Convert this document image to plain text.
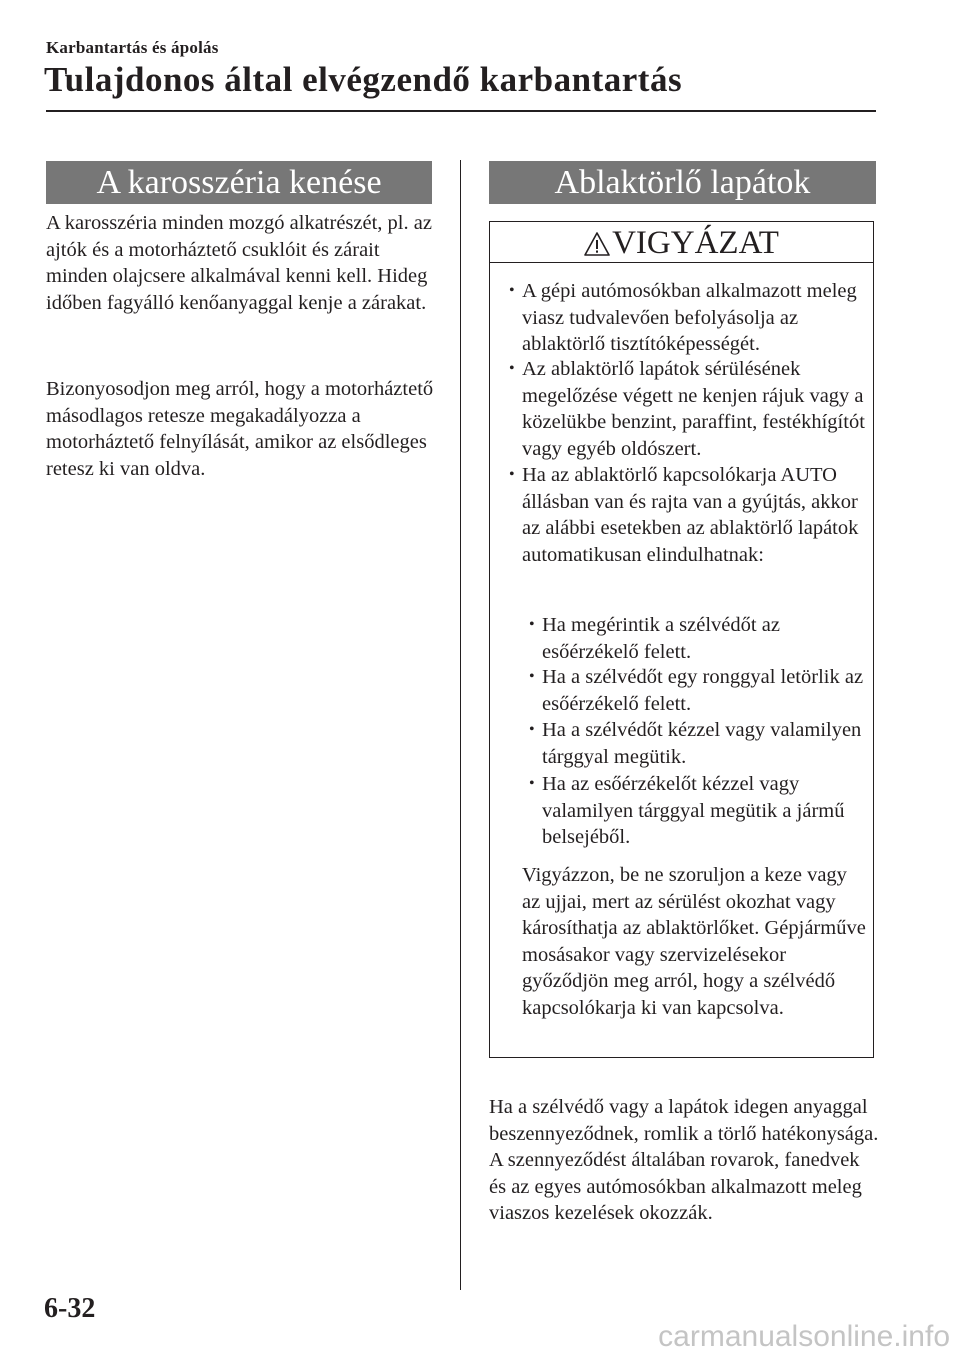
Karbantartás és ápolás
Tulajdonos által elvégzendő karbantartás
A karosszéria kenése

A karosszéria minden mozgó alkatrészét, pl. az ajtók és a motorháztető csuklóit és zárait minden olajcsere alkalmával kenni kell. Hideg időben fagyálló kenőanyaggal kenje a zárakat.

Bizonyosodjon meg arról, hogy a motorháztető másodlagos retesze megakadályozza a motorháztető felnyílását, amikor az elsődleges retesz ki van oldva.

Ablaktörlő lapátok
VIGYÁZAT

• A gépi autómosókban alkalmazott meleg viasz tudvalevően befolyásolja az ablaktörlő tisztítóképességét.

• Az ablaktörlő lapátok sérülésének megelőzése végett ne kenjen rájuk vagy a közelükbe benzint, paraffint, festékhígítót vagy egyéb oldószert.

• Ha az ablaktörlő kapcsolókarja AUTO állásban van és rajta van a gyújtás, akkor az alábbi esetekben az ablaktörlő lapátok automatikusan elindulhatnak:

• Ha megérintik a szélvédőt az esőérzékelő felett.

• Ha a szélvédőt egy ronggyal letörlik az esőérzékelő felett.

• Ha a szélvédőt kézzel vagy valamilyen tárggyal megütik.

• Ha az esőérzékelőt kézzel vagy valamilyen tárggyal megütik a jármű belsejéből.

Vigyázzon, be ne szoruljon a keze vagy az ujjai, mert az sérülést okozhat vagy károsíthatja az ablaktörlőket. Gépjárműve mosásakor vagy szervizelésekor győződjön meg arról, hogy a szélvédő kapcsolókarja ki van kapcsolva.

Ha a szélvédő vagy a lapátok idegen anyaggal beszennyeződnek, romlik a törlő hatékonysága. A szennyeződést általában rovarok, fanedvek és az egyes autómosókban alkalmazott meleg viaszos kezelések okozzák.

6-32
carmanualsonline.info
